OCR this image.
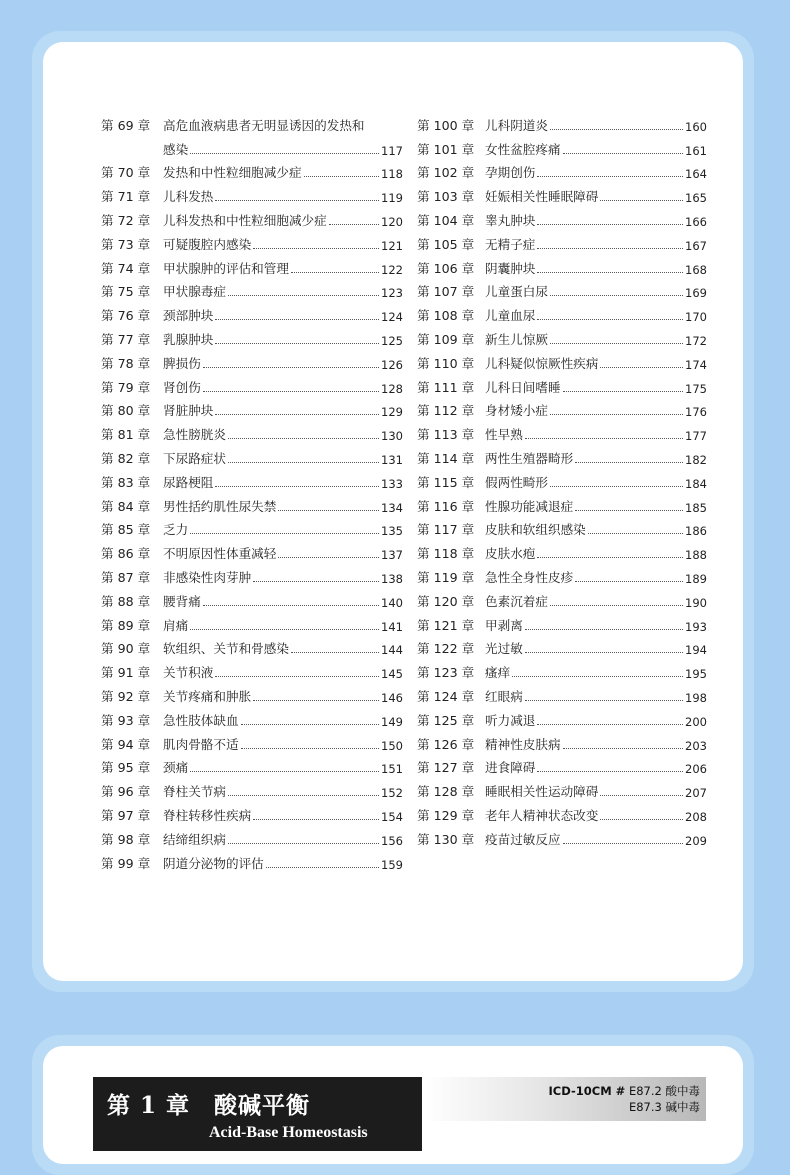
第 69 章	高危血液病患者无明显诱因的发热和
感染	117
第 70 章	发热和中性粒细胞减少症	118
第 71 章	儿科发热	119
第 72 章	儿科发热和中性粒细胞减少症	120
第 73 章	可疑腹腔内感染	121
第 74 章	甲状腺肿的评估和管理	122
第 75 章	甲状腺毒症	123
第 76 章	颈部肿块	124
第 77 章	乳腺肿块	125
第 78 章	脾损伤	126
第 79 章	肾创伤	128
第 80 章	肾脏肿块	129
第 81 章	急性膀胱炎	130
第 82 章	下尿路症状	131
第 83 章	尿路梗阻	133
第 84 章	男性括约肌性尿失禁	134
第 85 章	乏力	135
第 86 章	不明原因性体重减轻	137
第 87 章	非感染性肉芽肿	138
第 88 章	腰背痛	140
第 89 章	肩痛	141
第 90 章	软组织、关节和骨感染	144
第 91 章	关节积液	145
第 92 章	关节疼痛和肿胀	146
第 93 章	急性肢体缺血	149
第 94 章	肌肉骨骼不适	150
第 95 章	颈痛	151
第 96 章	脊柱关节病	152
第 97 章	脊柱转移性疾病	154
第 98 章	结缔组织病	156
第 99 章	阴道分泌物的评估	159
第 100 章 儿科阴道炎	160
第 101 章 女性盆腔疼痛	161
第 102 章 孕期创伤	164
第 103 章 妊娠相关性睡眠障碍	165
第 104 章 睾丸肿块	166
第 105 章 无精子症	167
第 106 章 阴囊肿块	168
第 107 章 儿童蛋白尿	169
第 108 章 儿童血尿	170
第 109 章 新生儿惊厥	172
第 110 章 儿科疑似惊厥性疾病	174
第 111 章 儿科日间嗜睡	175
第 112 章 身材矮小症	176
第 113 章 性早熟	177
第 114 章 两性生殖器畸形	182
第 115 章 假两性畸形	184
第 116 章 性腺功能减退症	185
第 117 章 皮肤和软组织感染	186
第 118 章 皮肤水疱	188
第 119 章 急性全身性皮疹	189
第 120 章 色素沉着症	190
第 121 章 甲剥离	193
第 122 章 光过敏	194
第 123 章 瘙痒	195
第 124 章 红眼病	198
第 125 章 听力减退	200
第 126 章 精神性皮肤病	203
第 127 章 进食障碍	206
第 128 章 睡眠相关性运动障碍	207
第 129 章 老年人精神状态改变	208
第 130 章 疫苗过敏反应	209
第 1 章　酸碱平衡
Acid-Base Homeostasis
ICD-10CM # E87.2 酸中毒
E87.3 碱中毒
